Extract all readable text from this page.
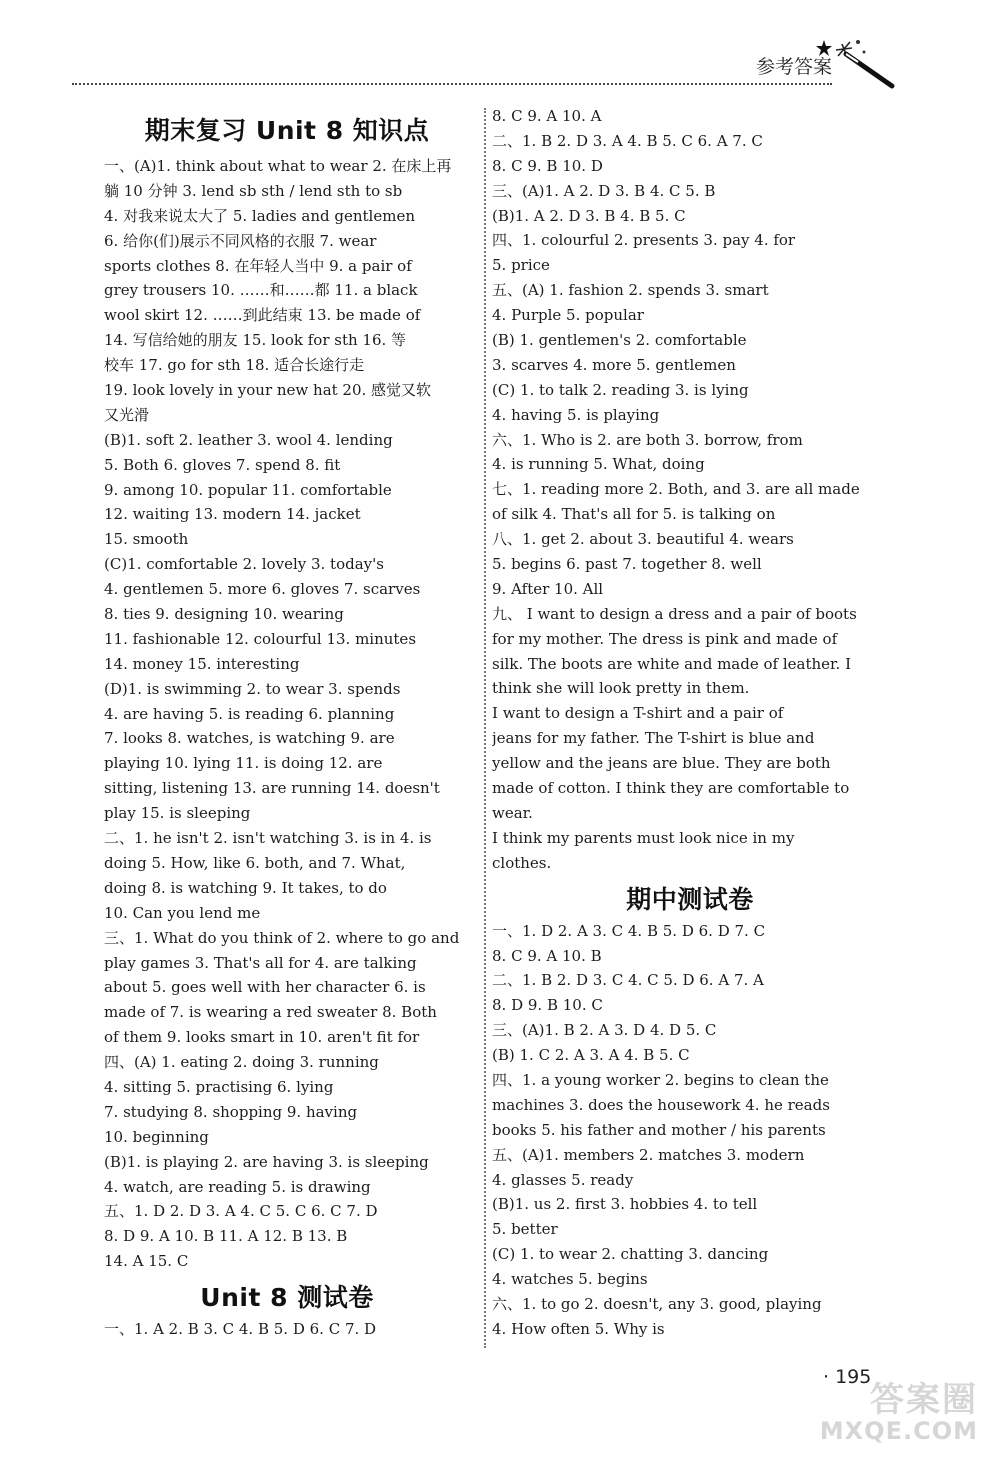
参考答案
期末复习 Unit 8 知识点
一、(A)1. think about what to wear 2. 在床上再
躺 10 分钟 3. lend sb sth / lend sth to sb
4. 对我来说太大了 5. ladies and gentlemen
6. 给你(们)展示不同风格的衣服 7. wear
sports clothes 8. 在年轻人当中 9. a pair of
grey trousers 10. ……和……都 11. a black
wool skirt 12. ……到此结束 13. be made of
14. 写信给她的朋友 15. look for sth 16. 等
校车 17. go for sth 18. 适合长途行走
19. look lovely in your new hat 20. 感觉又软
又光滑
(B)1. soft 2. leather 3. wool 4. lending
5. Both 6. gloves 7. spend 8. fit
9. among 10. popular 11. comfortable
12. waiting 13. modern 14. jacket
15. smooth
(C)1. comfortable 2. lovely 3. today's
4. gentlemen 5. more 6. gloves 7. scarves
8. ties 9. designing 10. wearing
11. fashionable 12. colourful 13. minutes
14. money 15. interesting
(D)1. is swimming 2. to wear 3. spends
4. are having 5. is reading 6. planning
7. looks 8. watches, is watching 9. are
playing 10. lying 11. is doing 12. are
sitting, listening 13. are running 14. doesn't
play 15. is sleeping
二、1. he isn't 2. isn't watching 3. is in 4. is
doing 5. How, like 6. both, and 7. What,
doing 8. is watching 9. It takes, to do
10. Can you lend me
三、1. What do you think of 2. where to go and
play games 3. That's all for 4. are talking
about 5. goes well with her character 6. is
made of 7. is wearing a red sweater 8. Both
of them 9. looks smart in 10. aren't fit for
四、(A) 1. eating 2. doing 3. running
4. sitting 5. practising 6. lying
7. studying 8. shopping 9. having
10. beginning
(B)1. is playing 2. are having 3. is sleeping
4. watch, are reading 5. is drawing
五、1. D 2. D 3. A 4. C 5. C 6. C 7. D
8. D 9. A 10. B 11. A 12. B 13. B
14. A 15. C
Unit 8 测试卷
一、1. A 2. B 3. C 4. B 5. D 6. C 7. D
8. C 9. A 10. A
二、1. B 2. D 3. A 4. B 5. C 6. A 7. C
8. C 9. B 10. D
三、(A)1. A 2. D 3. B 4. C 5. B
(B)1. A 2. D 3. B 4. B 5. C
四、1. colourful 2. presents 3. pay 4. for
5. price
五、(A) 1. fashion 2. spends 3. smart
4. Purple 5. popular
(B) 1. gentlemen's 2. comfortable
3. scarves 4. more 5. gentlemen
(C) 1. to talk 2. reading 3. is lying
4. having 5. is playing
六、1. Who is 2. are both 3. borrow, from
4. is running 5. What, doing
七、1. reading more 2. Both, and 3. are all made
of silk 4. That's all for 5. is talking on
八、1. get 2. about 3. beautiful 4. wears
5. begins 6. past 7. together 8. well
9. After 10. All
九、 I want to design a dress and a pair of boots
for my mother. The dress is pink and made of
silk. The boots are white and made of leather. I
think she will look pretty in them.
I want to design a T-shirt and a pair of
jeans for my father. The T-shirt is blue and
yellow and the jeans are blue. They are both
made of cotton. I think they are comfortable to
wear.
I think my parents must look nice in my
clothes.
期中测试卷
一、1. D 2. A 3. C 4. B 5. D 6. D 7. C
8. C 9. A 10. B
二、1. B 2. D 3. C 4. C 5. D 6. A 7. A
8. D 9. B 10. C
三、(A)1. B 2. A 3. D 4. D 5. C
(B) 1. C 2. A 3. A 4. B 5. C
四、1. a young worker 2. begins to clean the
machines 3. does the housework 4. he reads
books 5. his father and mother / his parents
五、(A)1. members 2. matches 3. modern
4. glasses 5. ready
(B)1. us 2. first 3. hobbies 4. to tell
5. better
(C) 1. to wear 2. chatting 3. dancing
4. watches 5. begins
六、1. to go 2. doesn't, any 3. good, playing
4. How often 5. Why is
· 195
答案圈
MXQE.COM
